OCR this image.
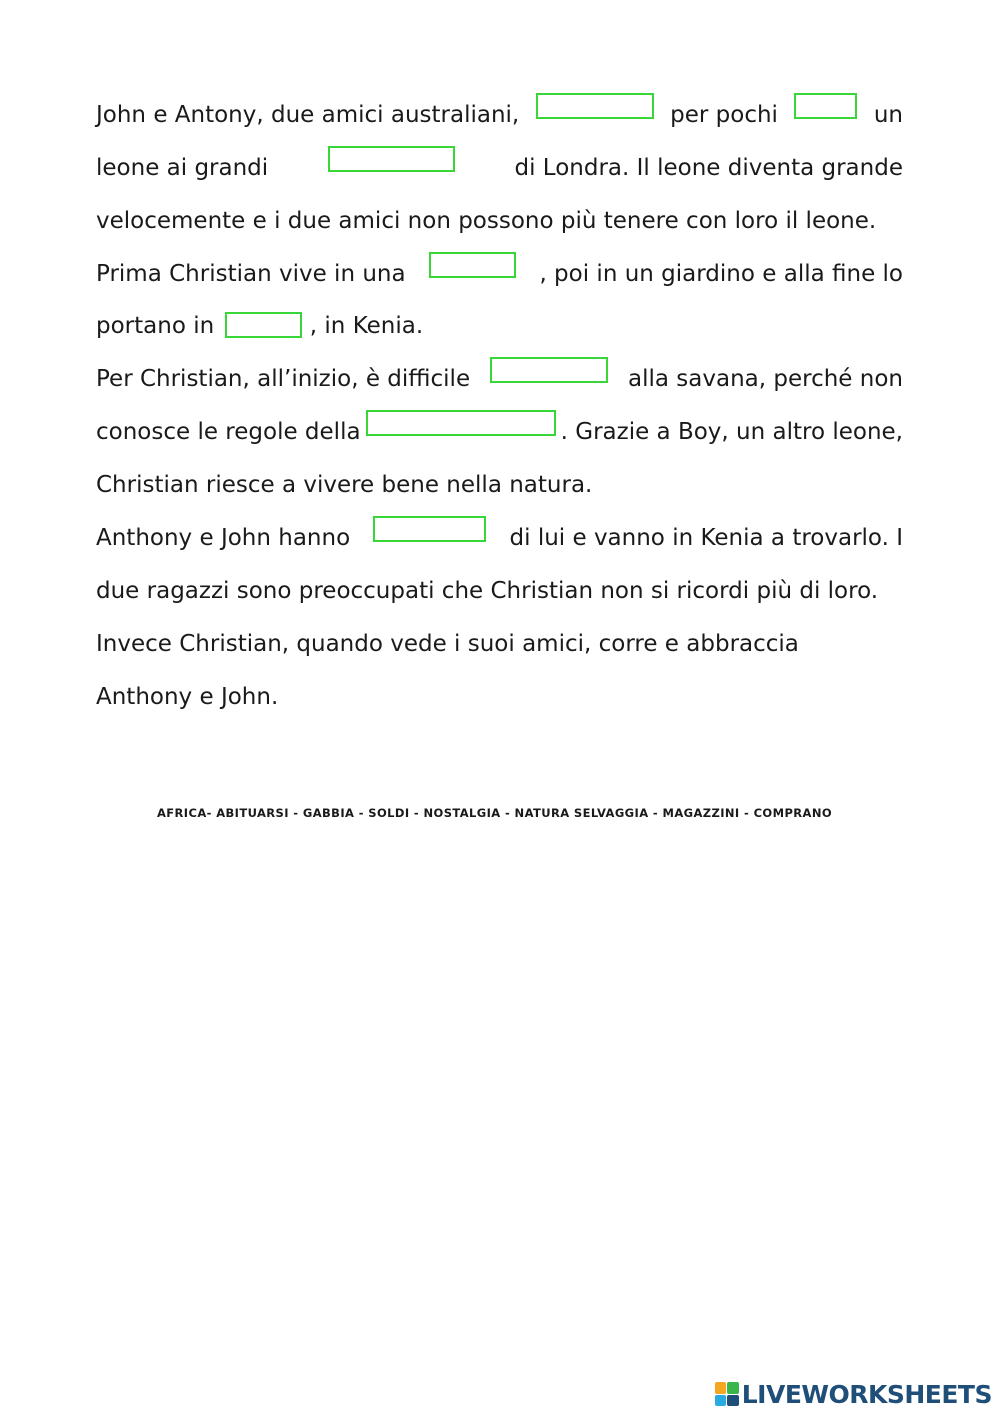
John e Antony, due amici australiani,	per pochi	un
leone ai grandi	di Londra. Il leone diventa grande
velocemente e i due amici non possono più tenere con loro il leone.
Prima Christian vive in una	, poi in un giardino e alla fine lo
portano in	, in Kenia.
Per Christian, all’inizio, è difficile	alla savana, perché non
conosce le regole della	. Grazie a Boy, un altro leone,
Christian riesce a vivere bene nella natura.
Anthony e John hanno	di lui e vanno in Kenia a trovarlo. I
due ragazzi sono preoccupati che Christian non si ricordi più di loro.
Invece Christian, quando vede i suoi amici, corre e abbraccia
Anthony e John.
AFRICA- ABITUARSI - GABBIA - SOLDI - NOSTALGIA - NATURA SELVAGGIA - MAGAZZINI - COMPRANO
LIVEWORKSHEETS
